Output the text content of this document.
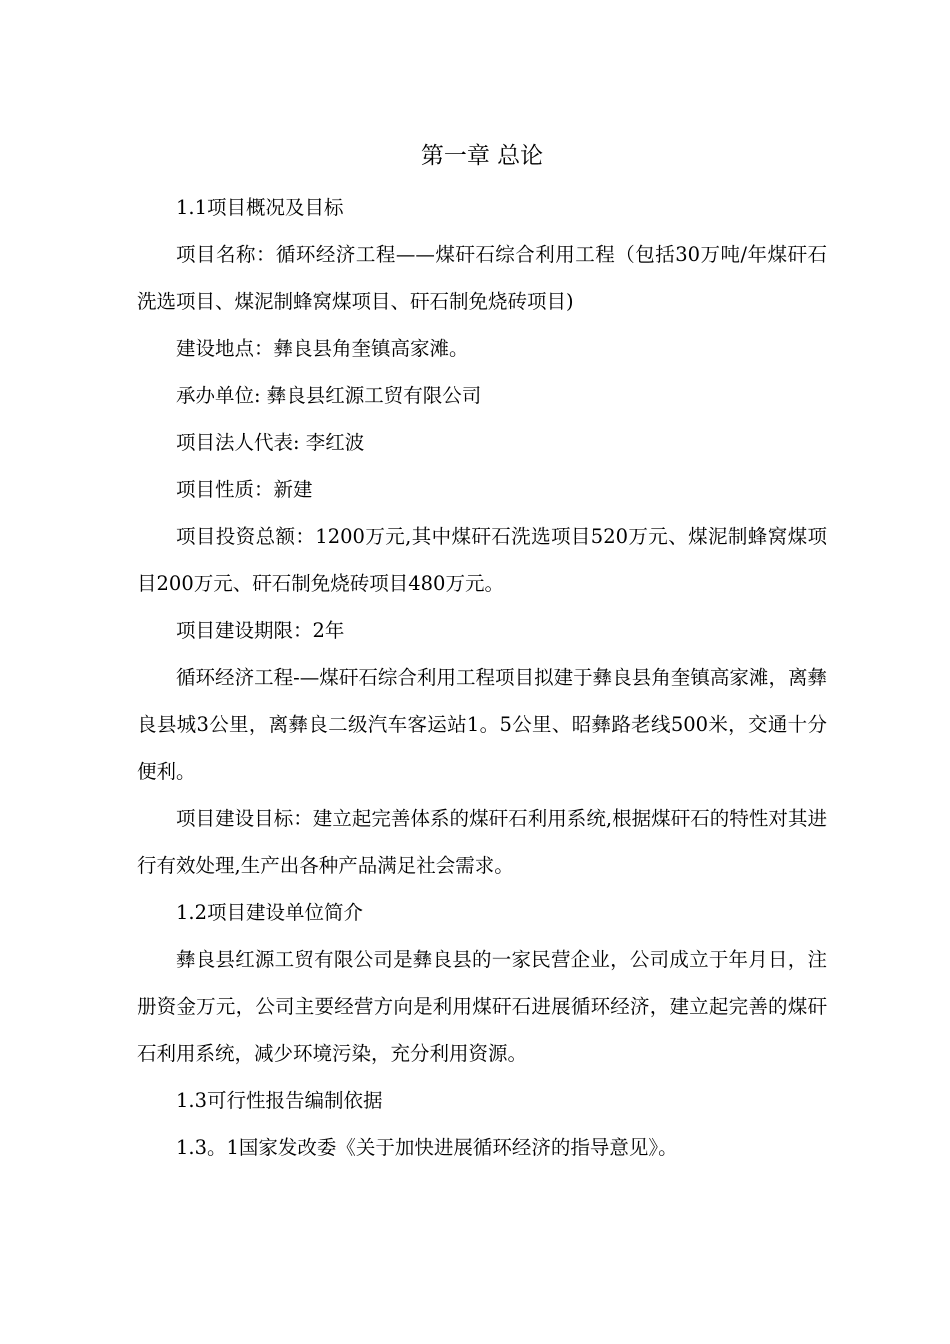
第一章 总论

1.1项目概况及目标

项目名称：循环经济工程——煤矸石综合利用工程（包括30万吨/年煤矸石洗选项目、煤泥制蜂窝煤项目、矸石制免烧砖项目)

建设地点：彝良县角奎镇高家滩。

承办单位: 彝良县红源工贸有限公司

项目法人代表: 李红波

项目性质：新建

项目投资总额：1200万元,其中煤矸石洗选项目520万元、煤泥制蜂窝煤项目200万元、矸石制免烧砖项目480万元。

项目建设期限：2年

循环经济工程-—煤矸石综合利用工程项目拟建于彝良县角奎镇高家滩，离彝良县城3公里，离彝良二级汽车客运站1。5公里、昭彝路老线500米，交通十分便利。

项目建设目标：建立起完善体系的煤矸石利用系统,根据煤矸石的特性对其进行有效处理,生产出各种产品满足社会需求。

1.2项目建设单位简介

彝良县红源工贸有限公司是彝良县的一家民营企业，公司成立于年月日，注册资金万元，公司主要经营方向是利用煤矸石进展循环经济，建立起完善的煤矸石利用系统，减少环境污染，充分利用资源。

1.3可行性报告编制依据

1.3。1国家发改委《关于加快进展循环经济的指导意见》。
